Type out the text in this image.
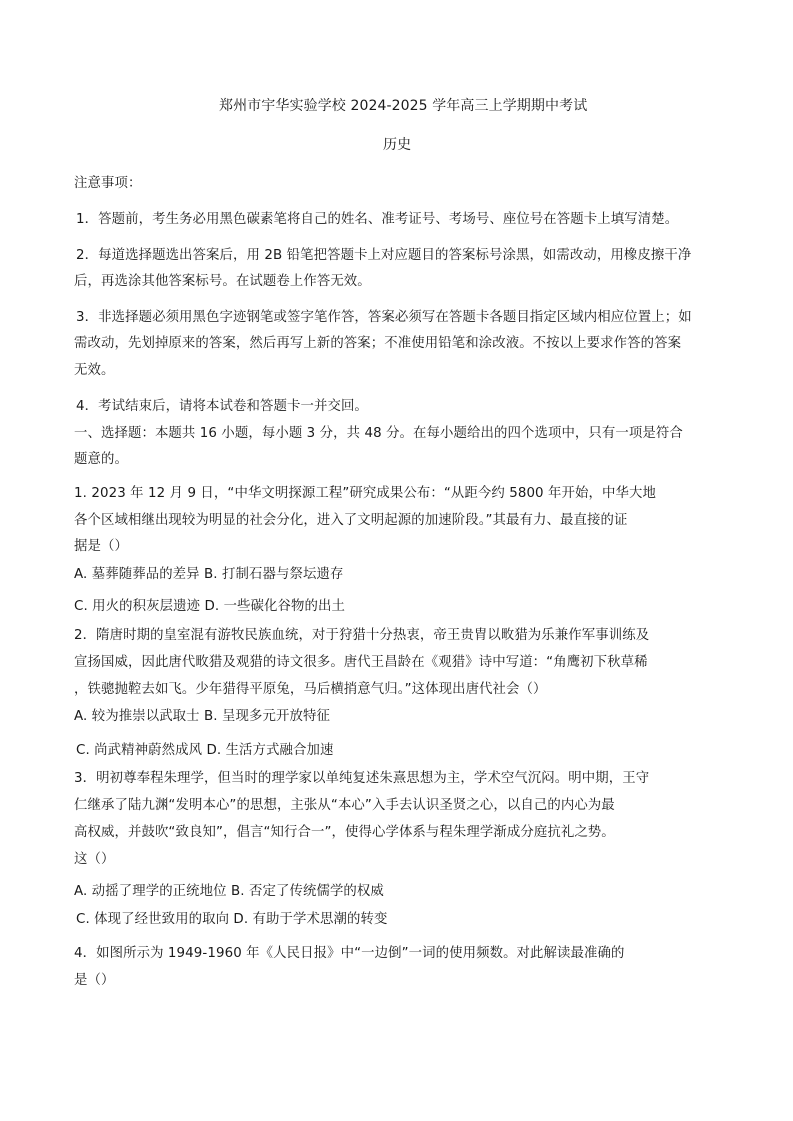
郑州市宇华实验学校 2024-2025 学年高三上学期期中考试
历史
注意事项：
1．答题前，考生务必用黑色碳素笔将自己的姓名、准考证号、考场号、座位号在答题卡上填写清楚。
2．每道选择题选出答案后，用 2B 铅笔把答题卡上对应题目的答案标号涂黑，如需改动，用橡皮擦干净
后，再选涂其他答案标号。在试题卷上作答无效。
3．非选择题必须用黑色字迹钢笔或签字笔作答，答案必须写在答题卡各题目指定区域内相应位置上；如
需改动，先划掉原来的答案，然后再写上新的答案；不准使用铅笔和涂改液。不按以上要求作答的答案
无效。
4．考试结束后，请将本试卷和答题卡一并交回。
一、选择题：本题共 16 小题，每小题 3 分，共 48 分。在每小题给出的四个选项中，只有一项是符合
题意的。
1. 2023 年 12 月 9 日，“中华文明探源工程”研究成果公布：“从距今约 5800 年开始，中华大地
各个区域相继出现较为明显的社会分化，进入了文明起源的加速阶段。”其最有力、最直接的证
据是（）
A. 墓葬随葬品的差异 B. 打制石器与祭坛遗存
C. 用火的积灰层遗迹 D. 一些碳化谷物的出土
2．隋唐时期的皇室混有游牧民族血统，对于狩猎十分热衷，帝王贵胄以畋猎为乐兼作军事训练及
宣扬国威，因此唐代畋猎及观猎的诗文很多。唐代王昌龄在《观猎》诗中写道：“角鹰初下秋草稀
，铁骢抛鞚去如飞。少年猎得平原兔，马后横捎意气归。”这体现出唐代社会（）
A. 较为推崇以武取士 B. 呈现多元开放特征
C. 尚武精神蔚然成风 D. 生活方式融合加速
3．明初尊奉程朱理学，但当时的理学家以单纯复述朱熹思想为主，学术空气沉闷。明中期，王守
仁继承了陆九渊“发明本心”的思想，主张从“本心”入手去认识圣贤之心，以自己的内心为最
高权威，并鼓吹“致良知”，倡言“知行合一”，使得心学体系与程朱理学渐成分庭抗礼之势。
这（）
A. 动摇了理学的正统地位 B. 否定了传统儒学的权威
C. 体现了经世致用的取向 D. 有助于学术思潮的转变
4．如图所示为 1949-1960 年《人民日报》中“一边倒”一词的使用频数。对此解读最准确的
是（）
